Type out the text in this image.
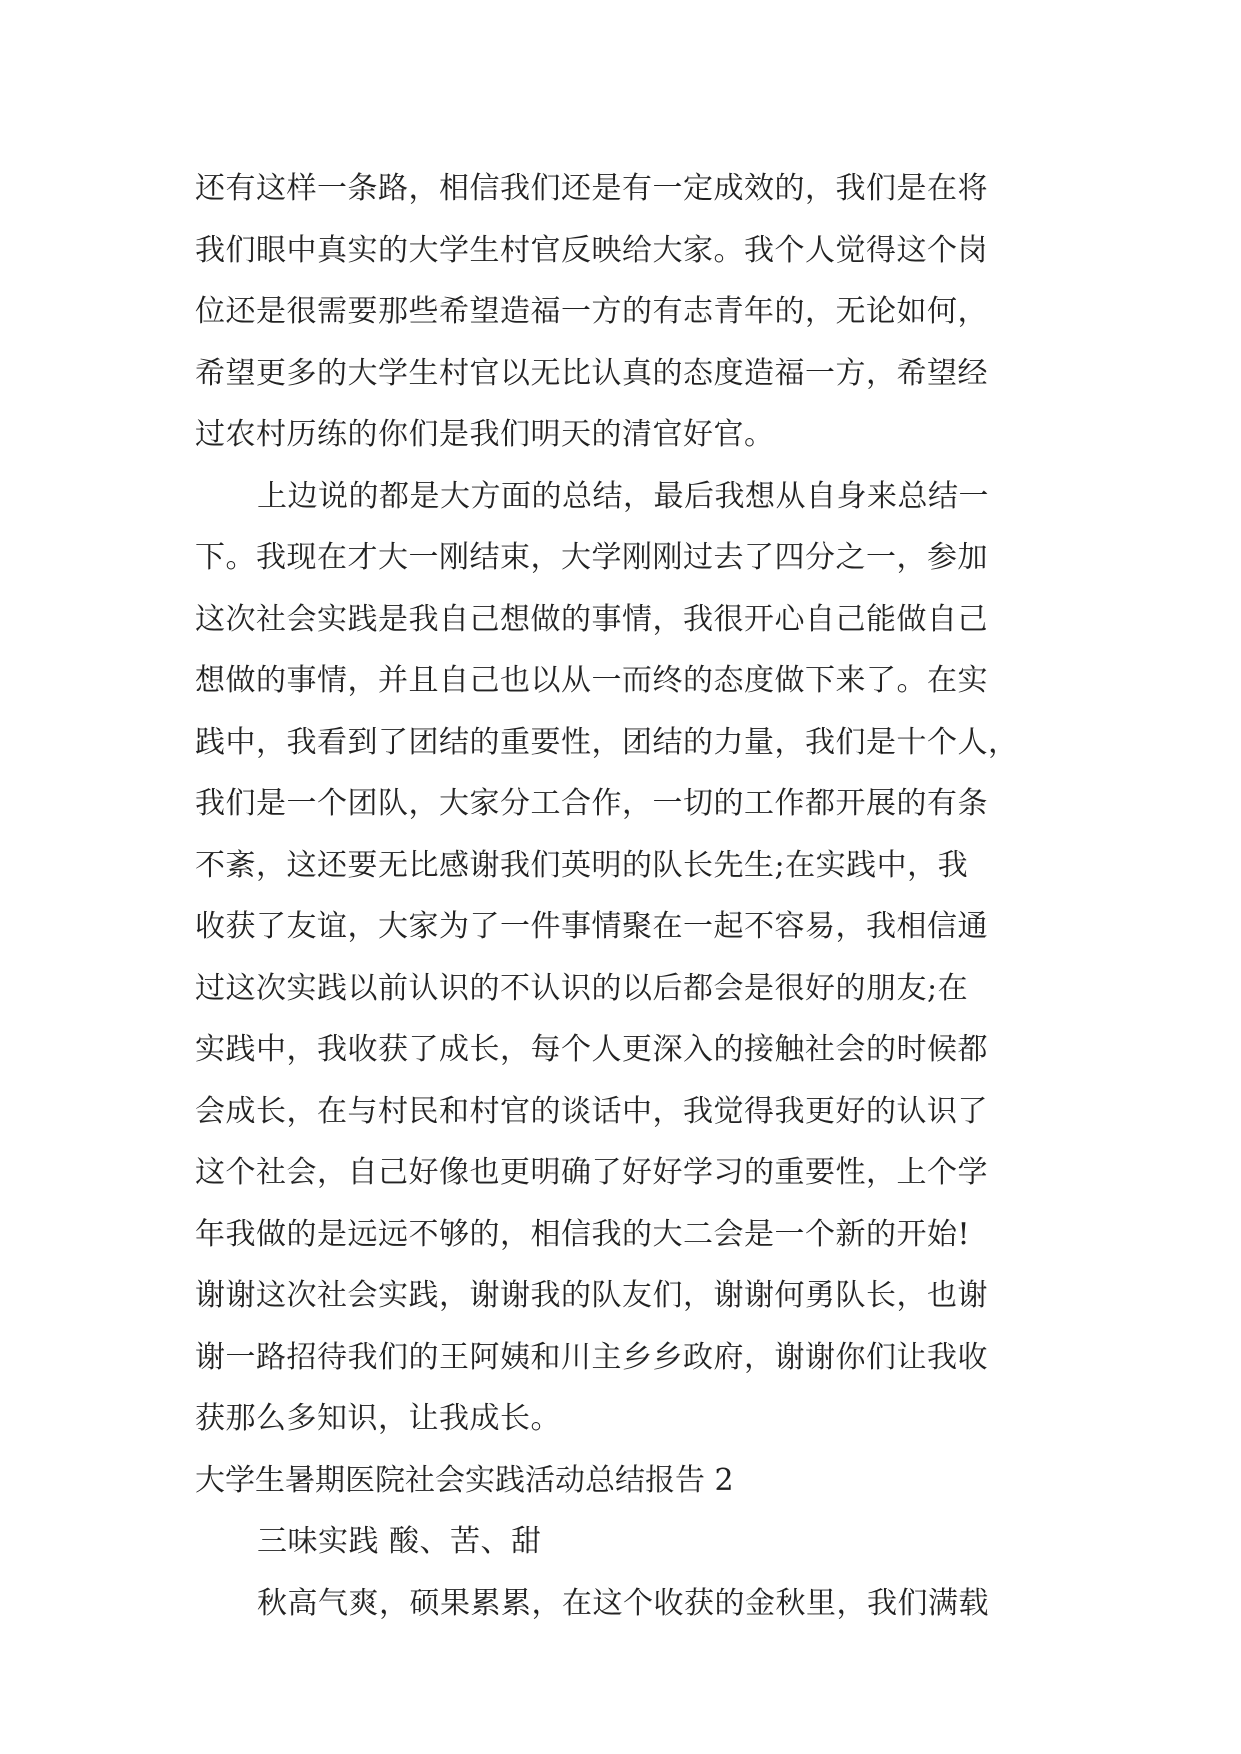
还有这样一条路，相信我们还是有一定成效的，我们是在将
我们眼中真实的大学生村官反映给大家。我个人觉得这个岗
位还是很需要那些希望造福一方的有志青年的，无论如何，
希望更多的大学生村官以无比认真的态度造福一方，希望经
过农村历练的你们是我们明天的清官好官。
上边说的都是大方面的总结，最后我想从自身来总结一
下。我现在才大一刚结束，大学刚刚过去了四分之一，参加
这次社会实践是我自己想做的事情，我很开心自己能做自己
想做的事情，并且自己也以从一而终的态度做下来了。在实
践中，我看到了团结的重要性，团结的力量，我们是十个人，
我们是一个团队，大家分工合作，一切的工作都开展的有条
不紊，这还要无比感谢我们英明的队长先生;在实践中，我
收获了友谊，大家为了一件事情聚在一起不容易，我相信通
过这次实践以前认识的不认识的以后都会是很好的朋友;在
实践中，我收获了成长，每个人更深入的接触社会的时候都
会成长，在与村民和村官的谈话中，我觉得我更好的认识了
这个社会，自己好像也更明确了好好学习的重要性，上个学
年我做的是远远不够的，相信我的大二会是一个新的开始!
谢谢这次社会实践，谢谢我的队友们，谢谢何勇队长，也谢
谢一路招待我们的王阿姨和川主乡乡政府，谢谢你们让我收
获那么多知识，让我成长。
大学生暑期医院社会实践活动总结报告 2
三味实践 酸、苦、甜
秋高气爽，硕果累累，在这个收获的金秋里，我们满载
